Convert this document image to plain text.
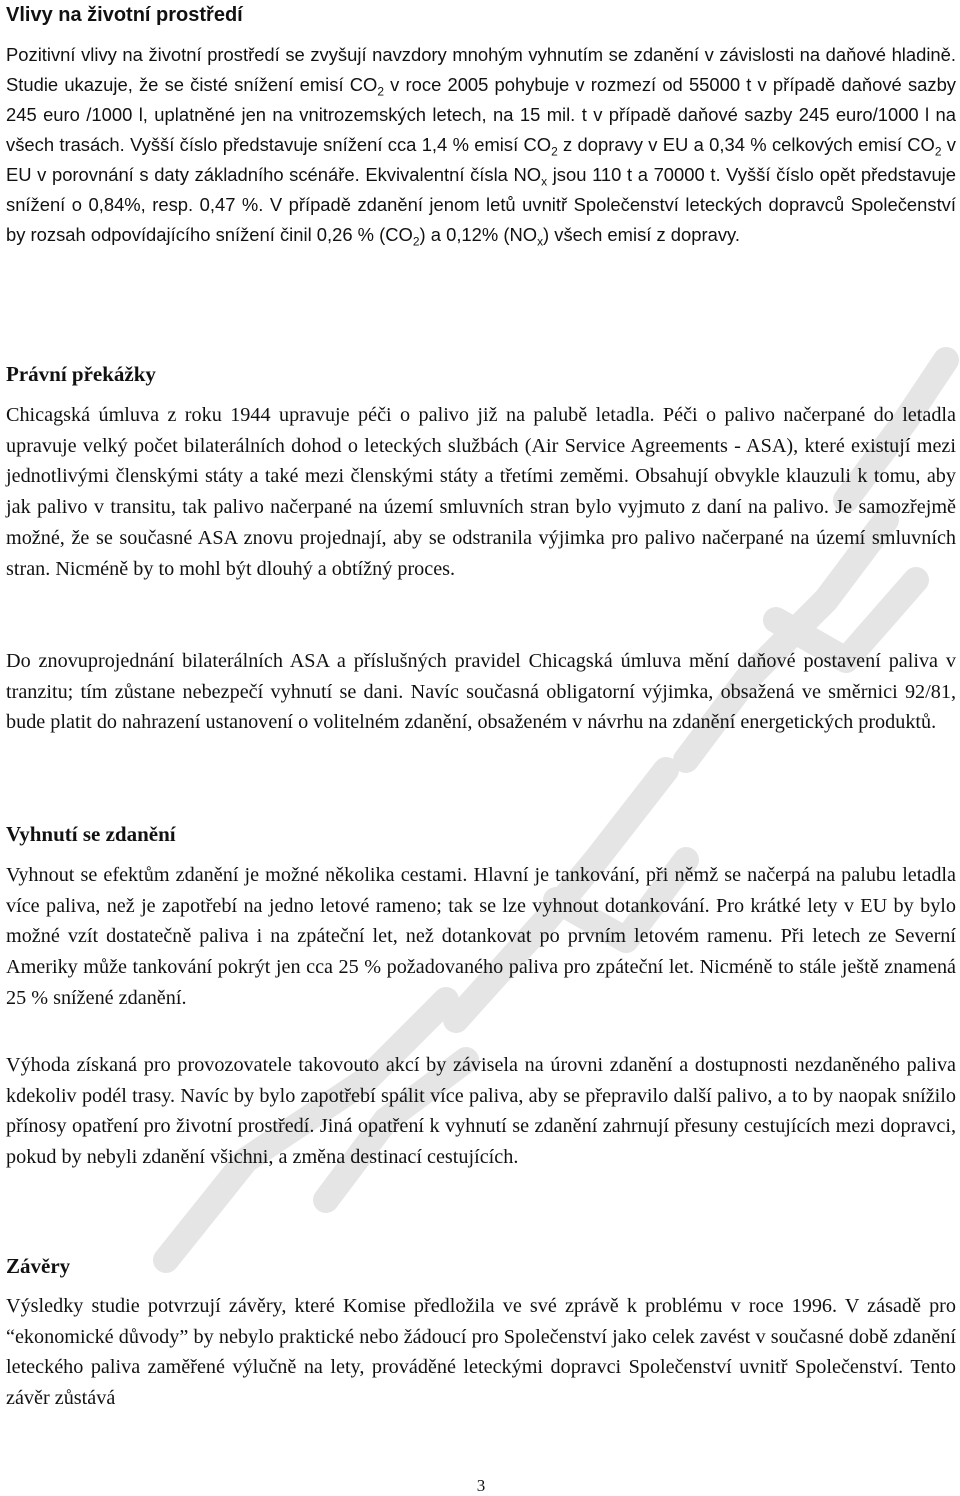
Vlivy na životní prostředí

Pozitivní vlivy na životní prostředí se zvyšují navzdory mnohým vyhnutím se zdanění v závislosti na daňové hladině. Studie ukazuje, že se čisté snížení emisí $CO_2$ v roce 2005 pohybuje v rozmezí od 55000 t v případě daňové sazby 245 euro /1000 l, uplatněné jen na vnitrozemských letech, na 15 mil. t v případě daňové sazby 245 euro/1000 l na všech trasách. Vyšší číslo představuje snížení cca 1,4 % emisí $CO_2$ z dopravy v EU a 0,34 % celkových emisí $CO_2$ v EU v porovnání s daty základního scénáře. Ekvivalentní čísla $NO_x$ jsou 110 t a 70000 t. Vyšší číslo opět představuje snížení o 0,84%, resp. 0,47 %. V případě zdanění jenom letů uvnitř Společenství leteckých dopravců Společenství by rozsah odpovídajícího snížení činil 0,26 % $(CO_2)$ a 0,12% $(NO_x)$ všech emisí z dopravy.

Právní překážky

Chicagská úmluva z roku 1944 upravuje péči o palivo již na palubě letadla. Péči o palivo načerpané do letadla upravuje velký počet bilaterálních dohod o leteckých službách (Air Service Agreements - ASA), které existují mezi jednotlivými členskými státy a také mezi členskými státy a třetími zeměmi. Obsahují obvykle klauzuli k tomu, aby jak palivo v transitu, tak palivo načerpané na území smluvních stran bylo vyjmuto z daní na palivo. Je samozřejmě možné, že se současné ASA znovu projednají, aby se odstranila výjimka pro palivo načerpané na území smluvních stran. Nicméně by to mohl být dlouhý a obtížný proces.

Do znovuprojednání bilaterálních ASA a příslušných pravidel Chicagská úmluva mění daňové postavení paliva v tranzitu; tím zůstane nebezpečí vyhnutí se dani. Navíc současná obligatorní výjimka, obsažená ve směrnici 92/81, bude platit do nahrazení ustanovení o volitelném zdanění, obsaženém v návrhu na zdanění energetických produktů.

Vyhnutí se zdanění

Vyhnout se efektům zdanění je možné několika cestami. Hlavní je tankování, při němž se načerpá na palubu letadla více paliva, než je zapotřebí na jedno letové rameno; tak se lze vyhnout dotankování. Pro krátké lety v EU by bylo možné vzít dostatečně paliva i na zpáteční let, než dotankovat po prvním letovém ramenu. Při letech ze Severní Ameriky může tankování pokrýt jen cca 25 % požadovaného paliva pro zpáteční let. Nicméně to stále ještě znamená 25 % snížené zdanění.

Výhoda získaná pro provozovatele takovouto akcí by závisela na úrovni zdanění a dostupnosti nezdaněného paliva kdekoliv podél trasy. Navíc by bylo zapotřebí spálit více paliva, aby se přepravilo další palivo, a to by naopak snížilo přínosy opatření pro životní prostředí. Jiná opatření k vyhnutí se zdanění zahrnují přesuny cestujících mezi dopravci, pokud by nebyli zdanění všichni, a změna destinací cestujících.

Závěry

Výsledky studie potvrzují závěry, které Komise předložila ve své zprávě k problému v roce 1996. V zásadě pro “ekonomické důvody” by nebylo praktické nebo žádoucí pro Společenství jako celek zavést v současné době zdanění leteckého paliva zaměřené výlučně na lety, prováděné leteckými dopravci Společenství uvnitř Společenství. Tento závěr zůstává

3
